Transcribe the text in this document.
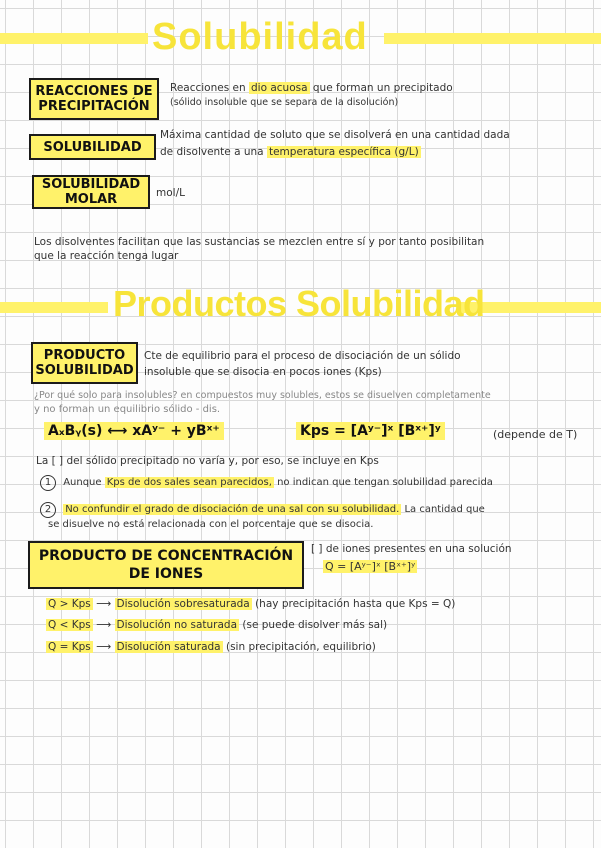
Solubilidad
REACCIONES DE
PRECIPITACIÓN
Reacciones en dio acuosa que forman un precipitado
(sólido insoluble que se separa de la disolución)
SOLUBILIDAD
Máxima cantidad de soluto que se disolverá en una cantidad dada
de disolvente a una temperatura específica (g/L)
SOLUBILIDAD
MOLAR	mol/L
Los disolventes facilitan que las sustancias se mezclen entre sí y por tanto posibilitan
que la reacción tenga lugar
Productos Solubilidad
PRODUCTO
SOLUBILIDAD
Cte de equilibrio para el proceso de disociación de un sólido
insoluble que se disocia en pocos iones (Kps)
¿Por qué solo para insolubles? en compuestos muy solubles, estos se disuelven completamente
y no forman un equilibrio sólido - dis.
AₓBᵧ(s) ⟷ xAʸ⁻ + yBˣ⁺	Kps = [Aʸ⁻]ˣ [Bˣ⁺]ʸ	(depende de T)
La [ ] del sólido precipitado no varía y, por eso, se incluye en Kps
1 Aunque Kps de dos sales sean parecidos, no indican que tengan solubilidad parecida
2 No confundir el grado de disociación de una sal con su solubilidad. La cantidad que
se disuelve no está relacionada con el porcentaje que se disocia.
PRODUCTO DE CONCENTRACIÓN
DE IONES
[ ] de iones presentes en una solución
Q = [Aʸ⁻]ˣ [Bˣ⁺]ʸ
Q > Kps ⟶ Disolución sobresaturada (hay precipitación hasta que Kps = Q)
Q < Kps ⟶ Disolución no saturada (se puede disolver más sal)
Q = Kps ⟶ Disolución saturada (sin precipitación, equilibrio)
